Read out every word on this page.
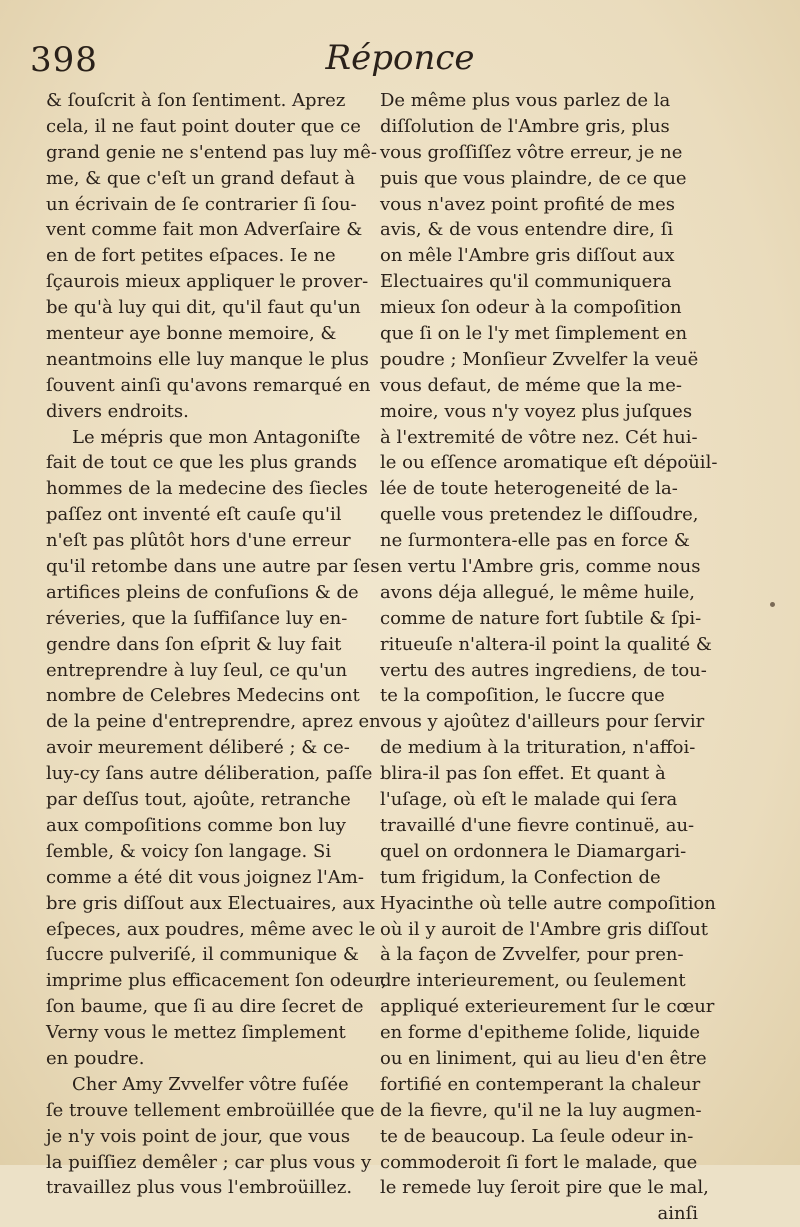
398	Réponce
& ſouſcrit à ſon ſentiment. Aprez
cela, il ne faut point douter que ce
grand genie ne s'entend pas luy mê-
me, & que c'eſt un grand defaut à
un écrivain de ſe contrarier ſi ſou-
vent comme fait mon Adverſaire &
en de fort petites eſpaces. Ie ne
ſçaurois mieux appliquer le prover-
be qu'à luy qui dit, qu'il faut qu'un
menteur aye bonne memoire, &
neantmoins elle luy manque le plus
ſouvent ainſi qu'avons remarqué en
divers endroits.
Le mépris que mon Antagoniſte
fait de tout ce que les plus grands
hommes de la medecine des ſiecles
paſſez ont inventé eſt cauſe qu'il
n'eſt pas plûtôt hors d'une erreur
qu'il retombe dans une autre par ſes
artifices pleins de confuſions & de
réveries, que la ſuffiſance luy en-
gendre dans ſon eſprit & luy fait
entreprendre à luy ſeul, ce qu'un
nombre de Celebres Medecins ont
de la peine d'entreprendre, aprez en
avoir meurement déliberé ; & ce-
luy-cy ſans autre déliberation, paſſe
par deſſus tout, ajoûte, retranche
aux compoſitions comme bon luy
ſemble, & voicy ſon langage. Si
comme a été dit vous joignez l'Am-
bre gris diſſout aux Electuaires, aux
eſpeces, aux poudres, même avec le
ſuccre pulveriſé, il communique &
imprime plus efficacement ſon odeur,
ſon baume, que ſi au dire ſecret de
Verny vous le mettez ſimplement
en poudre.
Cher Amy Zvvelfer vôtre fuſée
ſe trouve tellement embroüillée que
je n'y vois point de jour, que vous
la puiſſiez demêler ; car plus vous y
travaillez plus vous l'embroüillez.
De même plus vous parlez de la
diſſolution de l'Ambre gris, plus
vous groſſiſſez vôtre erreur, je ne
puis que vous plaindre, de ce que
vous n'avez point profité de mes
avis, & de vous entendre dire, ſi
on mêle l'Ambre gris diſſout aux
Electuaires qu'il communiquera
mieux ſon odeur à la compoſition
que ſi on le l'y met ſimplement en
poudre ; Monſieur Zvvelfer la veuë
vous defaut, de méme que la me-
moire, vous n'y voyez plus juſques
à l'extremité de vôtre nez. Cét hui-
le ou eſſence aromatique eſt dépoüil-
lée de toute heterogeneité de la-
quelle vous pretendez le diſſoudre,
ne ſurmontera-elle pas en force &
en vertu l'Ambre gris, comme nous
avons déja allegué, le même huile,
comme de nature fort ſubtile & ſpi-
ritueuſe n'altera-il point la qualité &
vertu des autres ingrediens, de tou-
te la compoſition, le ſuccre que
vous y ajoûtez d'ailleurs pour ſervir
de medium à la trituration, n'affoi-
blira-il pas ſon effet. Et quant à
l'uſage, où eſt le malade qui ſera
travaillé d'une fievre continuë, au-
quel on ordonnera le Diamargari-
tum frigidum, la Confection de
Hyacinthe où telle autre compoſition
où il y auroit de l'Ambre gris diſſout
à la façon de Zvvelfer, pour pren-
dre interieurement, ou ſeulement
appliqué exterieurement ſur le cœur
en forme d'epitheme ſolide, liquide
ou en liniment, qui au lieu d'en être
fortifié en contemperant la chaleur
de la fievre, qu'il ne la luy augmen-
te de beaucoup. La ſeule odeur in-
commoderoit ſi fort le malade, que
le remede luy ſeroit pire que le mal,
ainſi
